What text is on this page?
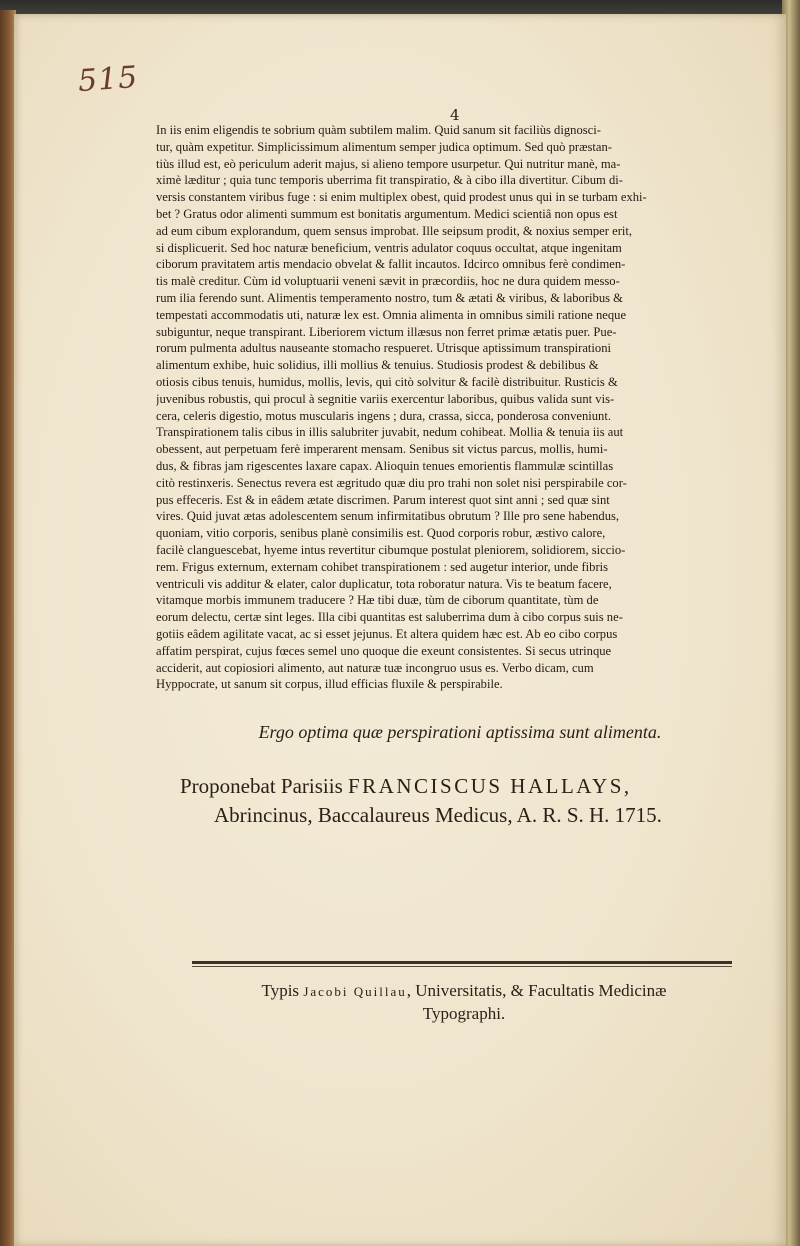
515
4
In iis enim eligendis te sobrium quàm subtilem malim. Quid sanum sit faciliùs dignosci-
tur, quàm expetitur. Simplicissimum alimentum semper judica optimum. Sed quò præstan-
tiùs illud est, eò periculum aderit majus, si alieno tempore usurpetur. Qui nutritur manè, ma-
ximè læditur ; quia tunc temporis uberrima fit transpiratio, & à cibo illa divertitur. Cibum di-
versis constantem viribus fuge : si enim multiplex obest, quid prodest unus qui in se turbam exhi-
bet ? Gratus odor alimenti summum est bonitatis argumentum. Medici scientiâ non opus est
ad eum cibum explorandum, quem sensus improbat. Ille seipsum prodit, & noxius semper erit,
si displicuerit. Sed hoc naturæ beneficium, ventris adulator coquus occultat, atque ingenitam
ciborum pravitatem artis mendacio obvelat & fallit incautos. Idcirco omnibus ferè condimen-
tis malè creditur. Cùm id voluptuarii veneni sævit in præcordiis, hoc ne dura quidem messo-
rum ilia ferendo sunt. Alimentis temperamento nostro, tum & ætati & viribus, & laboribus &
tempestati accommodatis uti, naturæ lex est. Omnia alimenta in omnibus simili ratione neque
subiguntur, neque transpirant. Liberiorem victum illæsus non ferret primæ ætatis puer. Pue-
rorum pulmenta adultus nauseante stomacho respueret. Utrisque aptissimum transpirationi
alimentum exhibe, huic solidius, illi mollius & tenuius. Studiosis prodest & debilibus &
otiosis cibus tenuis, humidus, mollis, levis, qui citò solvitur & facilè distribuitur. Rusticis &
juvenibus robustis, qui procul à segnitie variis exercentur laboribus, quibus valida sunt vis-
cera, celeris digestio, motus muscularis ingens ; dura, crassa, sicca, ponderosa conveniunt.
Transpirationem talis cibus in illis salubriter juvabit, nedum cohibeat. Mollia & tenuia iis aut
obessent, aut perpetuam ferè imperarent mensam. Senibus sit victus parcus, mollis, humi-
dus, & fibras jam rigescentes laxare capax. Alioquin tenues emorientis flammulæ scintillas
citò restinxeris. Senectus revera est ægritudo quæ diu pro trahi non solet nisi perspirabile cor-
pus effeceris. Est & in eâdem ætate discrimen. Parum interest quot sint anni ; sed quæ sint
vires. Quid juvat ætas adolescentem senum infirmitatibus obrutum ? Ille pro sene habendus,
quoniam, vitio corporis, senibus planè consimilis est. Quod corporis robur, æstivo calore,
facilè clanguescebat, hyeme intus revertitur cibumque postulat pleniorem, solidiorem, siccio-
rem. Frigus externum, externam cohibet transpirationem : sed augetur interior, unde fibris
ventriculi vis additur & elater, calor duplicatur, tota roboratur natura. Vis te beatum facere,
vitamque morbis immunem traducere ? Hæ tibi duæ, tùm de ciborum quantitate, tùm de
eorum delectu, certæ sint leges. Illa cibi quantitas est saluberrima dum à cibo corpus suis ne-
gotiis eâdem agilitate vacat, ac si esset jejunus. Et altera quidem hæc est. Ab eo cibo corpus
affatim perspirat, cujus fœces semel uno quoque die exeunt consistentes. Si secus utrinque
acciderit, aut copiosiori alimento, aut naturæ tuæ incongruo usus es. Verbo dicam, cum
Hyppocrate, ut sanum sit corpus, illud efficias fluxile & perspirabile.
Ergo optima quæ perspirationi aptissima sunt alimenta.
Proponebat Parisiis FRANCISCUS HALLAYS,
Abrincinus, Baccalaureus Medicus, A. R. S. H. 1715.
Typis Jacobi Quillau, Universitatis, & Facultatis Medicinæ
Typographi.
